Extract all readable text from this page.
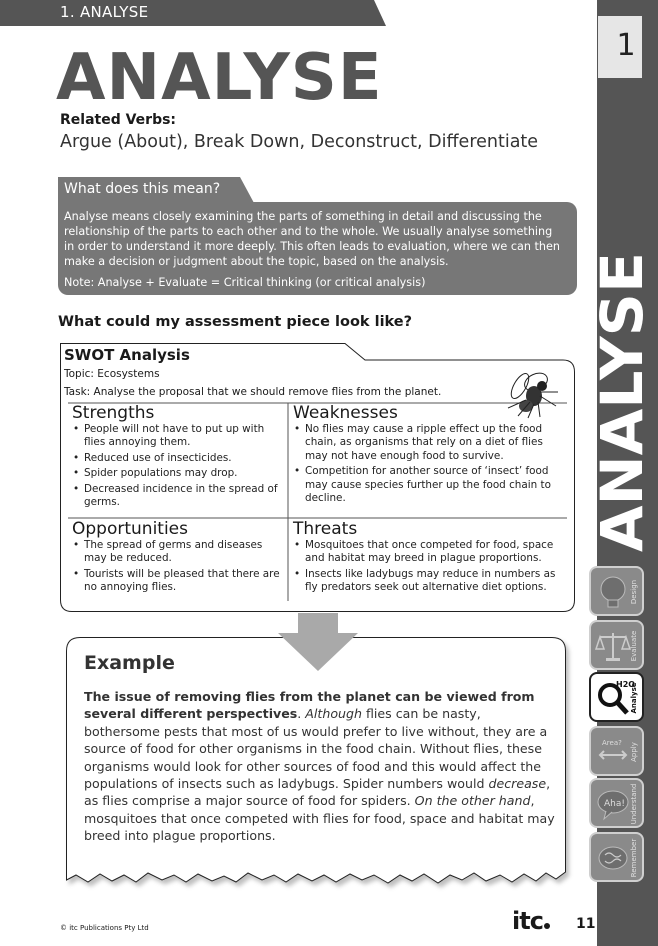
1. ANALYSE
ANALYSE
Related Verbs:
Argue (About), Break Down, Deconstruct, Differentiate
What does this mean?
Analyse means closely examining the parts of something in detail and discussing the relationship of the parts to each other and to the whole. We usually analyse something in order to understand it more deeply. This often leads to evaluation, where we can then make a decision or judgment about the topic, based on the analysis.
Note: Analyse + Evaluate = Critical thinking (or critical analysis)
What could my assessment piece look like?
SWOT Analysis
Topic: Ecosystems
Task: Analyse the proposal that we should remove flies from the planet.
Strengths
• People will not have to put up with flies annoying them.
• Reduced use of insecticides.
• Spider populations may drop.
• Decreased incidence in the spread of germs.
Weaknesses
• No flies may cause a ripple effect up the food chain, as organisms that rely on a diet of flies may not have enough food to survive.
• Competition for another source of ‘insect’ food may cause species further up the food chain to decline.
Opportunities
• The spread of germs and diseases may be reduced.
• Tourists will be pleased that there are no annoying flies.
Threats
• Mosquitoes that once competed for food, space and habitat may breed in plague proportions.
• Insects like ladybugs may reduce in numbers as fly predators seek out alternative diet options.
Example
The issue of removing flies from the planet can be viewed from several different perspectives. Although flies can be nasty, bothersome pests that most of us would prefer to live without, they are a source of food for other organisms in the food chain. Without flies, these organisms would look for other sources of food and this would affect the populations of insects such as ladybugs. Spider numbers would decrease, as flies comprise a major source of food for spiders. On the other hand, mosquitoes that once competed with flies for food, space and habitat may breed into plague proportions.
© itc Publications Pty Ltd	itc	11
1
ANALYSE
Design
Evaluate
H2O
Analyse
Area? Apply
Aha! Understand
Remember
